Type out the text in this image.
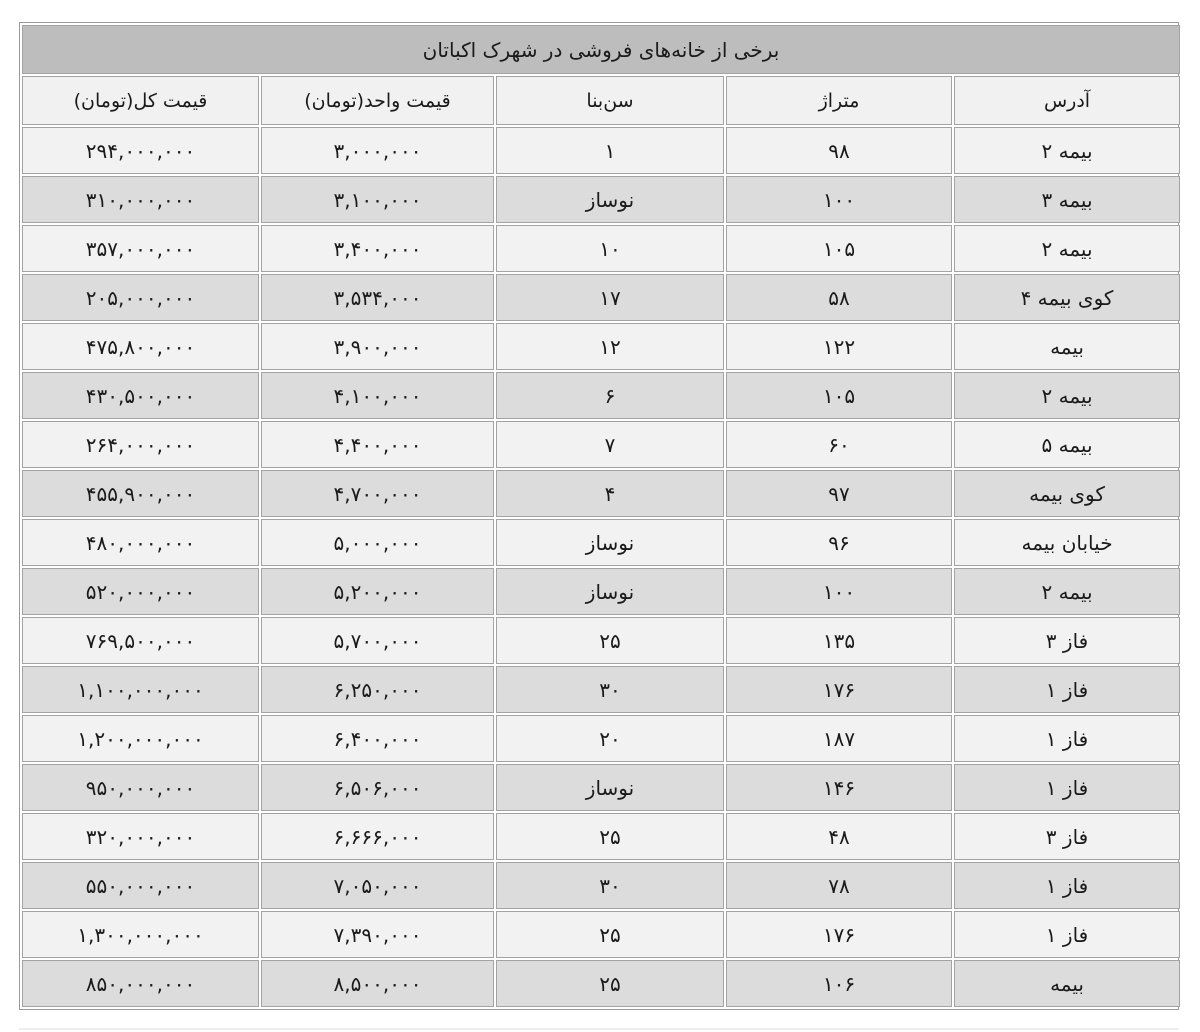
برخی از خانه‌های فروشی در شهرک اکباتان				
آدرس	متراژ	سن‌بنا	قیمت واحد(تومان)	قیمت کل(تومان)
بیمه ۲	۹۸	۱	۳,۰۰۰,۰۰۰	۲۹۴,۰۰۰,۰۰۰
بیمه ۳	۱۰۰	نوساز	۳,۱۰۰,۰۰۰	۳۱۰,۰۰۰,۰۰۰
بیمه ۲	۱۰۵	۱۰	۳,۴۰۰,۰۰۰	۳۵۷,۰۰۰,۰۰۰
کوی بیمه ۴	۵۸	۱۷	۳,۵۳۴,۰۰۰	۲۰۵,۰۰۰,۰۰۰
بیمه	۱۲۲	۱۲	۳,۹۰۰,۰۰۰	۴۷۵,۸۰۰,۰۰۰
بیمه ۲	۱۰۵	۶	۴,۱۰۰,۰۰۰	۴۳۰,۵۰۰,۰۰۰
بیمه ۵	۶۰	۷	۴,۴۰۰,۰۰۰	۲۶۴,۰۰۰,۰۰۰
کوی بیمه	۹۷	۴	۴,۷۰۰,۰۰۰	۴۵۵,۹۰۰,۰۰۰
خیابان بیمه	۹۶	نوساز	۵,۰۰۰,۰۰۰	۴۸۰,۰۰۰,۰۰۰
بیمه ۲	۱۰۰	نوساز	۵,۲۰۰,۰۰۰	۵۲۰,۰۰۰,۰۰۰
فاز ۳	۱۳۵	۲۵	۵,۷۰۰,۰۰۰	۷۶۹,۵۰۰,۰۰۰
فاز ۱	۱۷۶	۳۰	۶,۲۵۰,۰۰۰	۱,۱۰۰,۰۰۰,۰۰۰
فاز ۱	۱۸۷	۲۰	۶,۴۰۰,۰۰۰	۱,۲۰۰,۰۰۰,۰۰۰
فاز ۱	۱۴۶	نوساز	۶,۵۰۶,۰۰۰	۹۵۰,۰۰۰,۰۰۰
فاز ۳	۴۸	۲۵	۶,۶۶۶,۰۰۰	۳۲۰,۰۰۰,۰۰۰
فاز ۱	۷۸	۳۰	۷,۰۵۰,۰۰۰	۵۵۰,۰۰۰,۰۰۰
فاز ۱	۱۷۶	۲۵	۷,۳۹۰,۰۰۰	۱,۳۰۰,۰۰۰,۰۰۰
بیمه	۱۰۶	۲۵	۸,۵۰۰,۰۰۰	۸۵۰,۰۰۰,۰۰۰
